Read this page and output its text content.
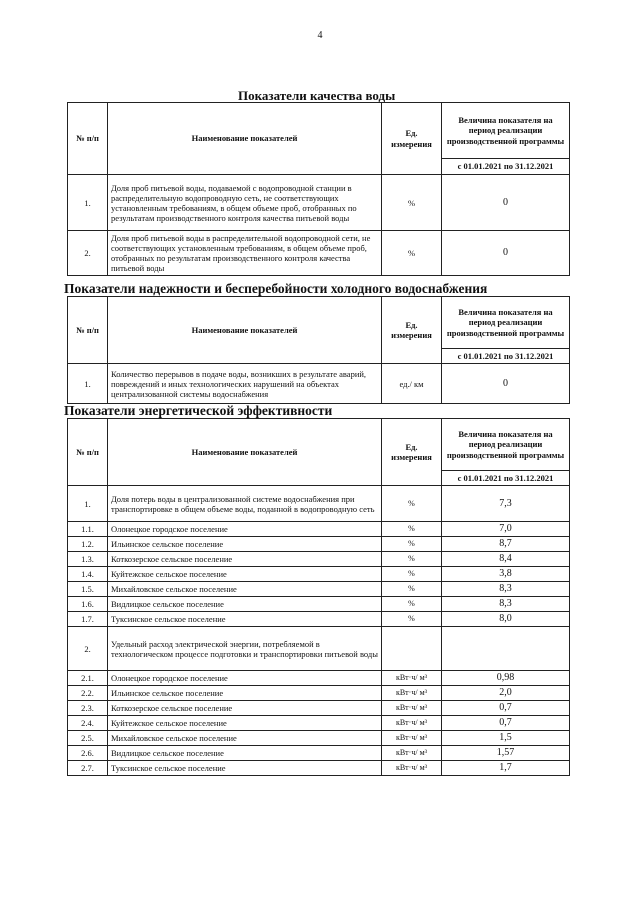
4
Показатели качества воды
№ п/п	Наименование показателей	Ед. измерения	Величина показателя на период реализации производственной программы
			с 01.01.2021 по 31.12.2021
1.	Доля проб питьевой воды, подаваемой с водопроводной станции в распределительную водопроводную сеть, не соответствующих установленным требованиям, в общем объеме проб, отобранных по результатам производственного контроля качества питьевой воды	%	0
2.	Доля проб питьевой воды в распределительной водопроводной сети, не соответствующих установленным требованиям, в общем объеме проб, отобранных по результатам производственного контроля качества питьевой воды	%	0
Показатели надежности и бесперебойности холодного водоснабжения
№ п/п	Наименование показателей	Ед. измерения	Величина показателя на период реализации производственной программы
			с 01.01.2021 по 31.12.2021
1.	Количество перерывов в подаче воды, возникших в результате аварий, повреждений и иных технологических нарушений на объектах централизованной системы водоснабжения	ед./ км	0
Показатели энергетической эффективности
№ п/п	Наименование показателей	Ед. измерения	Величина показателя на период реализации производственной программы
			с 01.01.2021 по 31.12.2021
1.	Доля потерь воды в централизованной системе водоснабжения при транспортировке в общем объеме воды, поданной в водопроводную сеть	%	7,3
1.1.	Олонецкое городское поселение	%	7,0
1.2.	Ильинское сельское поселение	%	8,7
1.3.	Коткозерское сельское поселение	%	8,4
1.4.	Куйтежское сельское поселение	%	3,8
1.5.	Михайловское сельское поселение	%	8,3
1.6.	Видлицкое сельское поселение	%	8,3
1.7.	Туксинское сельское поселение	%	8,0
2.	Удельный расход электрической энергии, потребляемой в технологическом процессе подготовки и транспортировки питьевой воды		
2.1.	Олонецкое городское поселение	кВт·ч/ м³	0,98
2.2.	Ильинское сельское поселение	кВт·ч/ м³	2,0
2.3.	Коткозерское сельское поселение	кВт·ч/ м³	0,7
2.4.	Куйтежское сельское поселение	кВт·ч/ м³	0,7
2.5.	Михайловское сельское поселение	кВт·ч/ м³	1,5
2.6.	Видлицкое сельское поселение	кВт·ч/ м³	1,57
2.7.	Туксинское сельское поселение	кВт·ч/ м³	1,7
